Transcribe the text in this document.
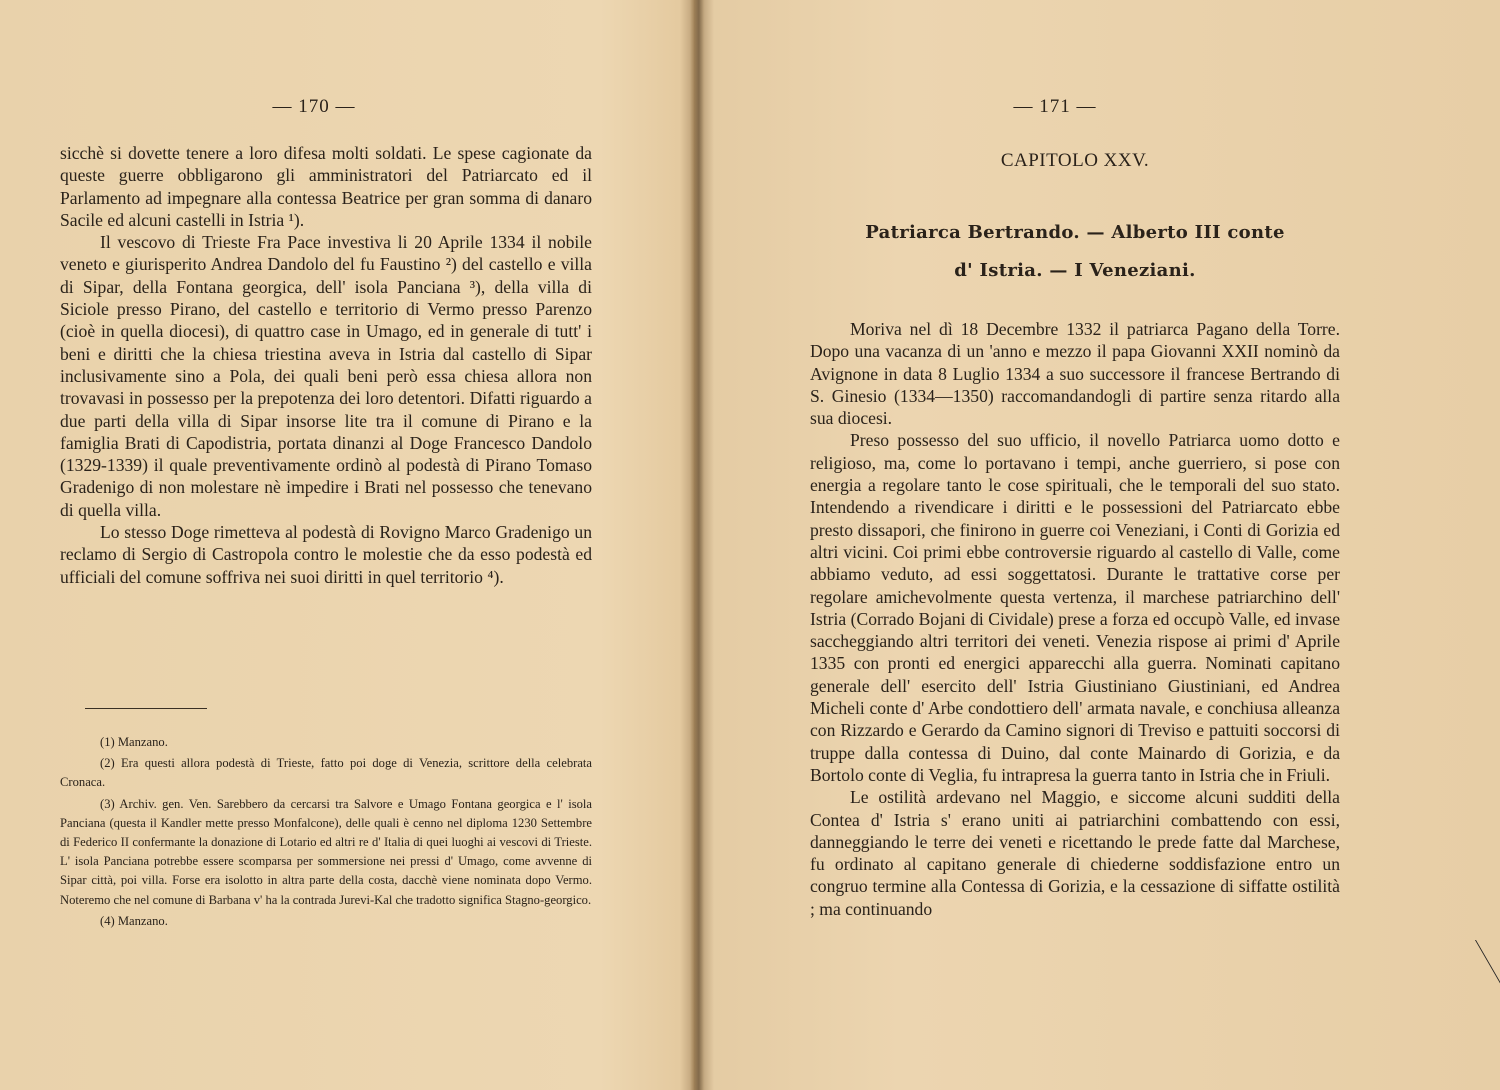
— 170 —

sicchè si dovette tenere a loro difesa molti soldati. Le spese cagionate da queste guerre obbligarono gli amministratori del Patriarcato ed il Parlamento ad impegnare alla contessa Beatrice per gran somma di danaro Sacile ed alcuni castelli in Istria ¹).

Il vescovo di Trieste Fra Pace investiva li 20 Aprile 1334 il nobile veneto e giurisperito Andrea Dandolo del fu Faustino ²) del castello e villa di Sipar, della Fontana georgica, dell' isola Panciana ³), della villa di Siciole presso Pirano, del castello e territorio di Vermo presso Parenzo (cioè in quella diocesi), di quattro case in Umago, ed in generale di tutt' i beni e diritti che la chiesa triestina aveva in Istria dal castello di Sipar inclusivamente sino a Pola, dei quali beni però essa chiesa allora non trovavasi in possesso per la prepotenza dei loro detentori. Difatti riguardo a due parti della villa di Sipar insorse lite tra il comune di Pirano e la famiglia Brati di Capodistria, portata dinanzi al Doge Francesco Dandolo (1329-1339) il quale preventivamente ordinò al podestà di Pirano Tomaso Gradenigo di non molestare nè impedire i Brati nel possesso che tenevano di quella villa.

Lo stesso Doge rimetteva al podestà di Rovigno Marco Gradenigo un reclamo di Sergio di Castropola contro le molestie che da esso podestà ed ufficiali del comune soffriva nei suoi diritti in quel territorio ⁴).

(1) Manzano.

(2) Era questi allora podestà di Trieste, fatto poi doge di Venezia, scrittore della celebrata Cronaca.

(3) Archiv. gen. Ven. Sarebbero da cercarsi tra Salvore e Umago Fontana georgica e l' isola Panciana (questa il Kandler mette presso Monfalcone), delle quali è cenno nel diploma 1230 Settembre di Federico II confermante la donazione di Lotario ed altri re d' Italia di quei luoghi ai vescovi di Trieste. L' isola Panciana potrebbe essere scomparsa per sommersione nei pressi d' Umago, come avvenne di Sipar città, poi villa. Forse era isolotto in altra parte della costa, dacchè viene nominata dopo Vermo. Noteremo che nel comune di Barbana v' ha la contrada Jurevi-Kal che tradotto significa Stagno-georgico.

(4) Manzano.

— 171 —
CAPITOLO XXV.
Patriarca Bertrando. — Alberto III conte
d' Istria. — I Veneziani.

Moriva nel dì 18 Decembre 1332 il patriarca Pagano della Torre. Dopo una vacanza di un 'anno e mezzo il papa Giovanni XXII nominò da Avignone in data 8 Luglio 1334 a suo successore il francese Bertrando di S. Ginesio (1334—1350) raccomandandogli di partire senza ritardo alla sua diocesi.

Preso possesso del suo ufficio, il novello Patriarca uomo dotto e religioso, ma, come lo portavano i tempi, anche guerriero, si pose con energia a regolare tanto le cose spirituali, che le temporali del suo stato. Intendendo a rivendicare i diritti e le possessioni del Patriarcato ebbe presto dissapori, che finirono in guerre coi Veneziani, i Conti di Gorizia ed altri vicini. Coi primi ebbe controversie riguardo al castello di Valle, come abbiamo veduto, ad essi soggettatosi. Durante le trattative corse per regolare amichevolmente questa vertenza, il marchese patriarchino dell' Istria (Corrado Bojani di Cividale) prese a forza ed occupò Valle, ed invase saccheggiando altri territori dei veneti. Venezia rispose ai primi d' Aprile 1335 con pronti ed energici apparecchi alla guerra. Nominati capitano generale dell' esercito dell' Istria Giustiniano Giustiniani, ed Andrea Micheli conte d' Arbe condottiero dell' armata navale, e conchiusa alleanza con Rizzardo e Gerardo da Camino signori di Treviso e pattuiti soccorsi di truppe dalla contessa di Duino, dal conte Mainardo di Gorizia, e da Bortolo conte di Veglia, fu intrapresa la guerra tanto in Istria che in Friuli.

Le ostilità ardevano nel Maggio, e siccome alcuni sudditi della Contea d' Istria s' erano uniti ai patriarchini combattendo con essi, danneggiando le terre dei veneti e ricettando le prede fatte dal Marchese, fu ordinato al capitano generale di chiederne soddisfazione entro un congruo termine alla Contessa di Gorizia, e la cessazione di siffatte ostilità ; ma continuando
